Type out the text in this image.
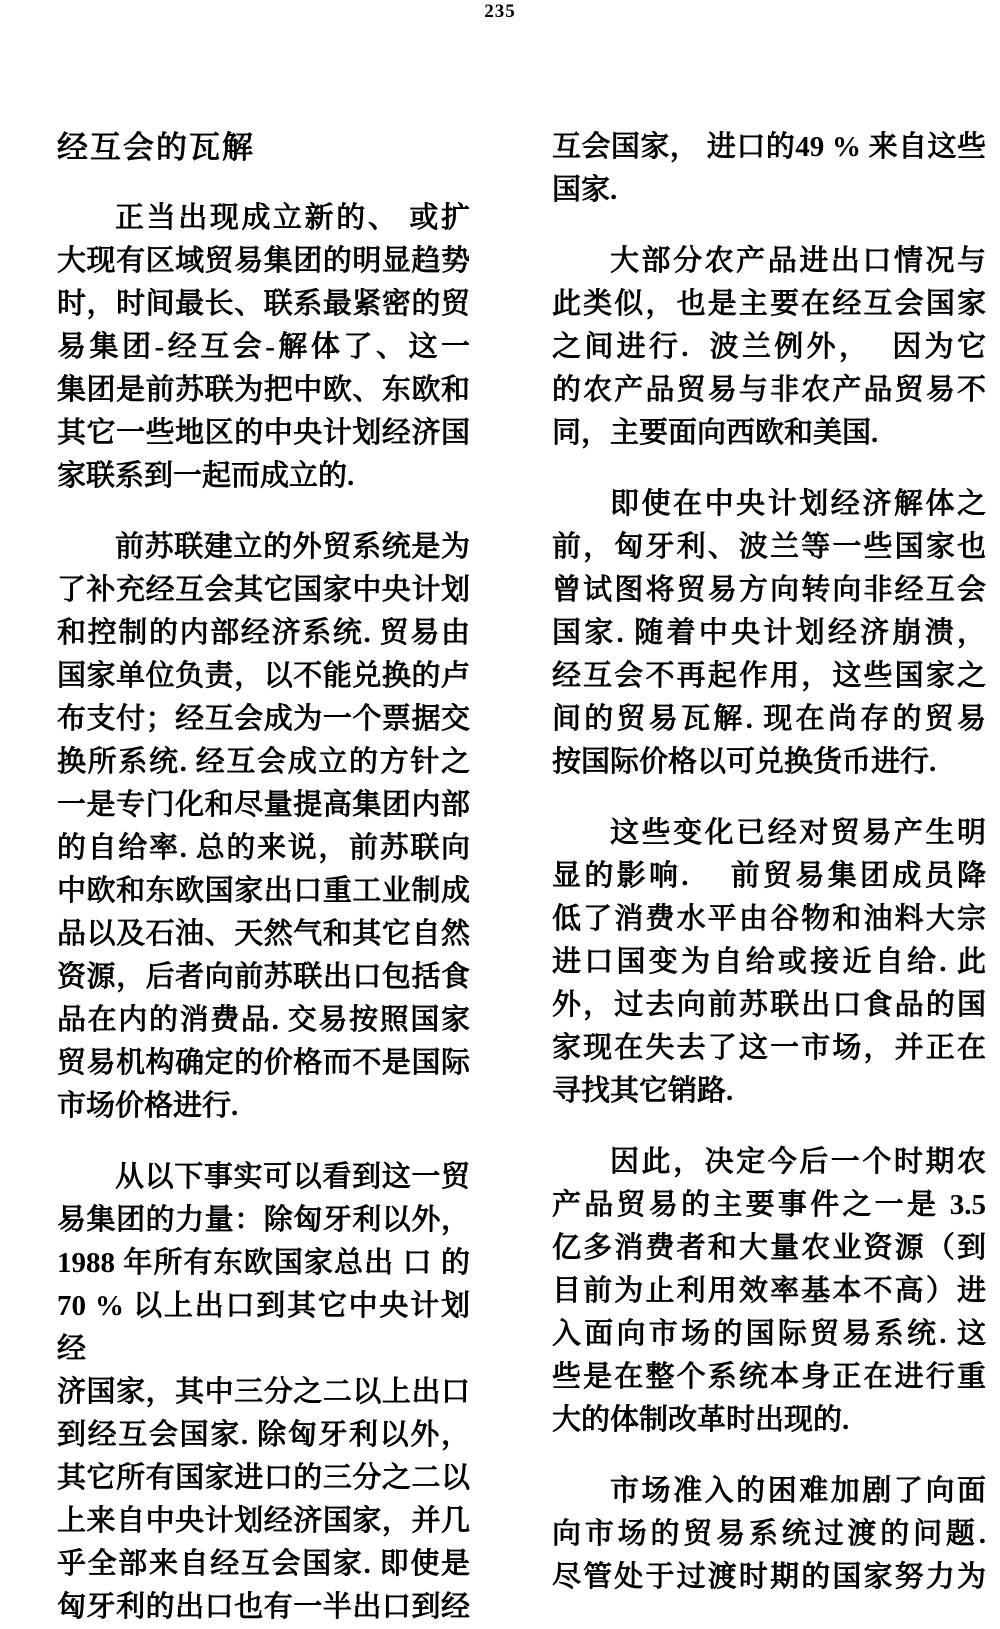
235
经互会的瓦解
正当出现成立新的、 或扩
大现有区域贸易集团的明显趋势
时，时间最长、联系最紧密的贸
易集团-经互会-解体了、这一
集团是前苏联为把中欧、东欧和
其它一些地区的中央计划经济国
家联系到一起而成立的.
前苏联建立的外贸系统是为
了补充经互会其它国家中央计划
和控制的内部经济系统. 贸易由
国家单位负责，以不能兑换的卢
布支付；经互会成为一个票据交
换所系统. 经互会成立的方针之
一是专门化和尽量提高集团内部
的自给率. 总的来说，前苏联向
中欧和东欧国家出口重工业制成
品以及石油、天然气和其它自然
资源，后者向前苏联出口包括食
品在内的消费品. 交易按照国家
贸易机构确定的价格而不是国际
市场价格进行.
从以下事实可以看到这一贸
易集团的力量：除匈牙利以外，
1988 年所有东欧国家总出 口 的
70 % 以上出口到其它中央计划经
济国家，其中三分之二以上出口
到经互会国家. 除匈牙利以外，
其它所有国家进口的三分之二以
上来自中央计划经济国家，并几
乎全部来自经互会国家. 即使是
匈牙利的出口也有一半出口到经
互会国家， 进口的49 % 来自这些
国家.
大部分农产品进出口情况与
此类似，也是主要在经互会国家
之间进行.  波兰例外，  因为它
的农产品贸易与非农产品贸易不
同，主要面向西欧和美国.
即使在中央计划经济解体之
前，匈牙利、波兰等一些国家也
曾试图将贸易方向转向非经互会
国家. 随着中央计划经济崩溃，
经互会不再起作用，这些国家之
间的贸易瓦解. 现在尚存的贸易
按国际价格以可兑换货币进行.
这些变化已经对贸易产生明
显的影响.    前贸易集团成员降
低了消费水平由谷物和油料大宗
进口国变为自给或接近自给. 此
外，过去向前苏联出口食品的国
家现在失去了这一市场，并正在
寻找其它销路.
因此，决定今后一个时期农
产品贸易的主要事件之一是 3.5
亿多消费者和大量农业资源（到
目前为止利用效率基本不高）进
入面向市场的国际贸易系统. 这
些是在整个系统本身正在进行重
大的体制改革时出现的.
市场准入的困难加剧了向面
向市场的贸易系统过渡的问题.
尽管处于过渡时期的国家努力为
